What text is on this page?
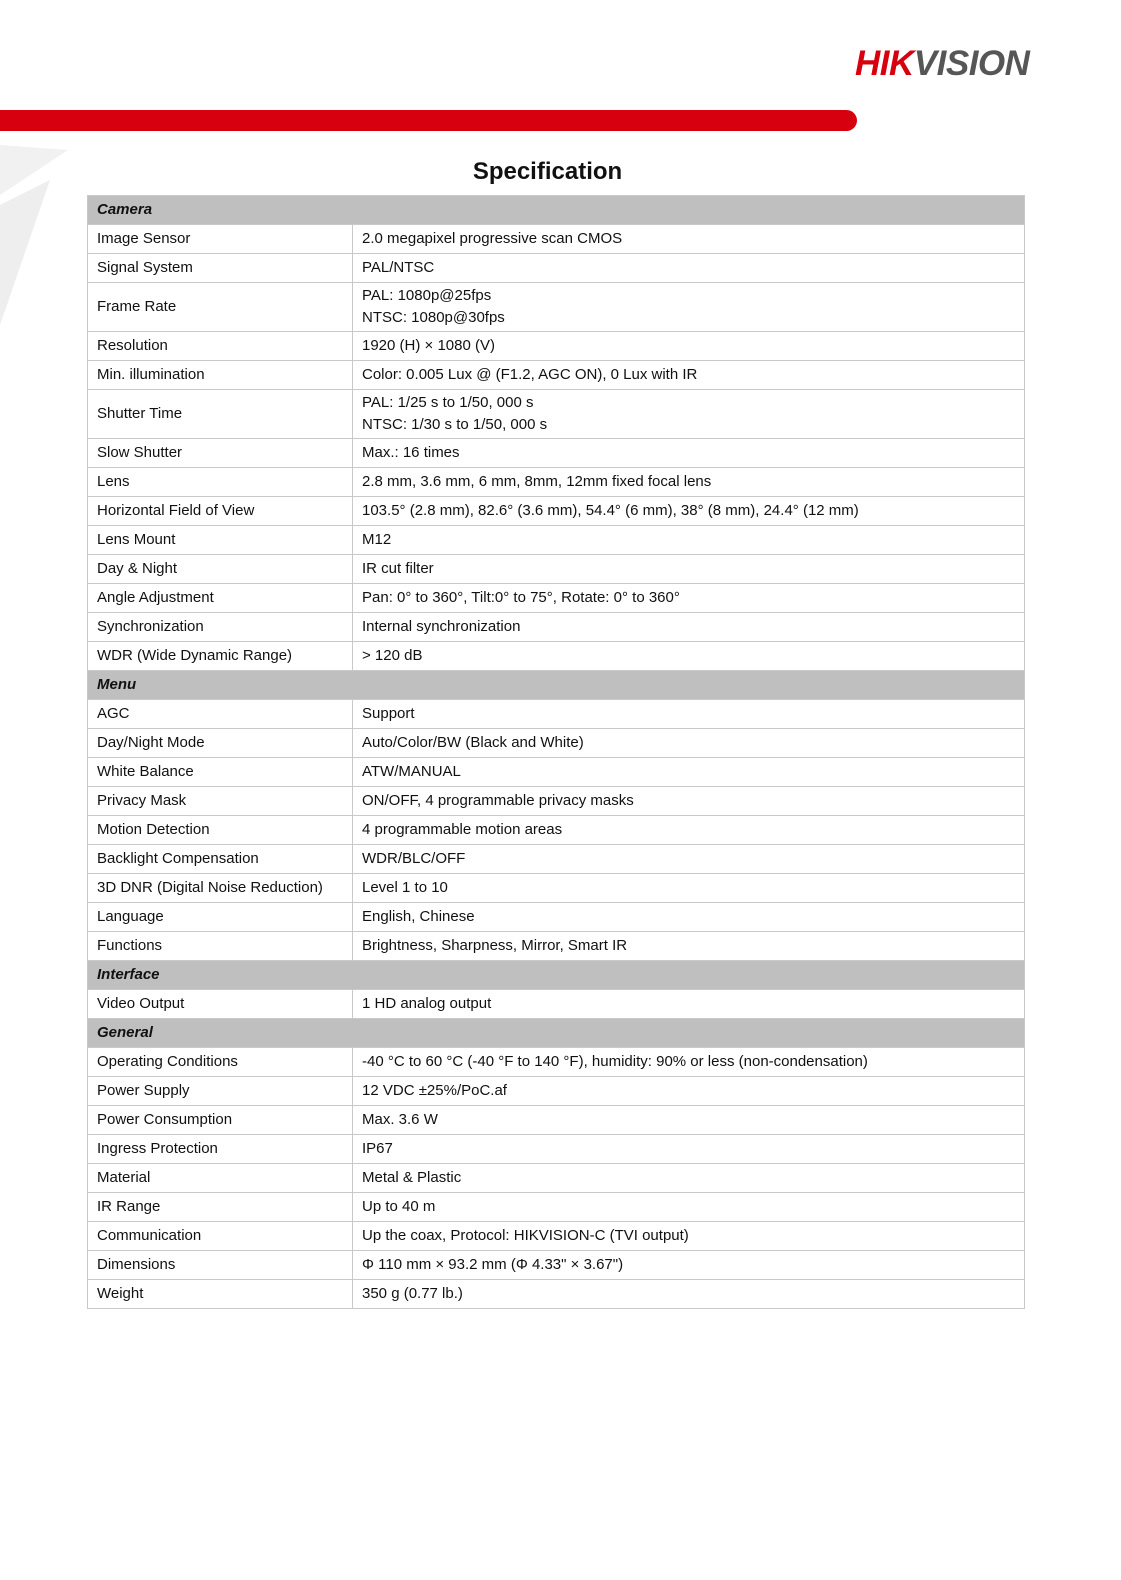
HIKVISION
Specification
Camera	
Image Sensor	2.0 megapixel progressive scan CMOS

Signal System	PAL/NTSC

Frame Rate	PAL: 1080p@25fps
NTSC: 1080p@30fps

Resolution	1920 (H) × 1080 (V)

Min. illumination	Color: 0.005 Lux @ (F1.2, AGC ON), 0 Lux with IR

Shutter Time	PAL: 1/25 s to 1/50, 000 s
NTSC: 1/30 s to 1/50, 000 s

Slow Shutter	Max.: 16 times

Lens	2.8 mm, 3.6 mm, 6 mm, 8mm, 12mm fixed focal lens

Horizontal Field of View	103.5° (2.8 mm), 82.6° (3.6 mm), 54.4° (6 mm), 38° (8 mm), 24.4° (12 mm)

Lens Mount	M12

Day & Night	IR cut filter

Angle Adjustment	Pan: 0° to 360°, Tilt:0° to 75°, Rotate: 0° to 360°

Synchronization	Internal synchronization

WDR (Wide Dynamic Range)	> 120 dB

Menu	
AGC	Support

Day/Night Mode	Auto/Color/BW (Black and White)

White Balance	ATW/MANUAL

Privacy Mask	ON/OFF, 4 programmable privacy masks

Motion Detection	4 programmable motion areas

Backlight Compensation	WDR/BLC/OFF

3D DNR (Digital Noise Reduction)	Level 1 to 10

Language	English, Chinese

Functions	Brightness, Sharpness, Mirror, Smart IR

Interface	
Video Output	1 HD analog output

General	
Operating Conditions	-40 °C to 60 °C (-40 °F to 140 °F), humidity: 90% or less (non-condensation)

Power Supply	12 VDC ±25%/PoC.af

Power Consumption	Max. 3.6 W

Ingress Protection	IP67

Material	Metal & Plastic

IR Range	Up to 40 m

Communication	Up the coax, Protocol: HIKVISION-C (TVI output)

Dimensions	Φ 110 mm × 93.2 mm (Φ 4.33" × 3.67")

Weight	350 g (0.77 lb.)
